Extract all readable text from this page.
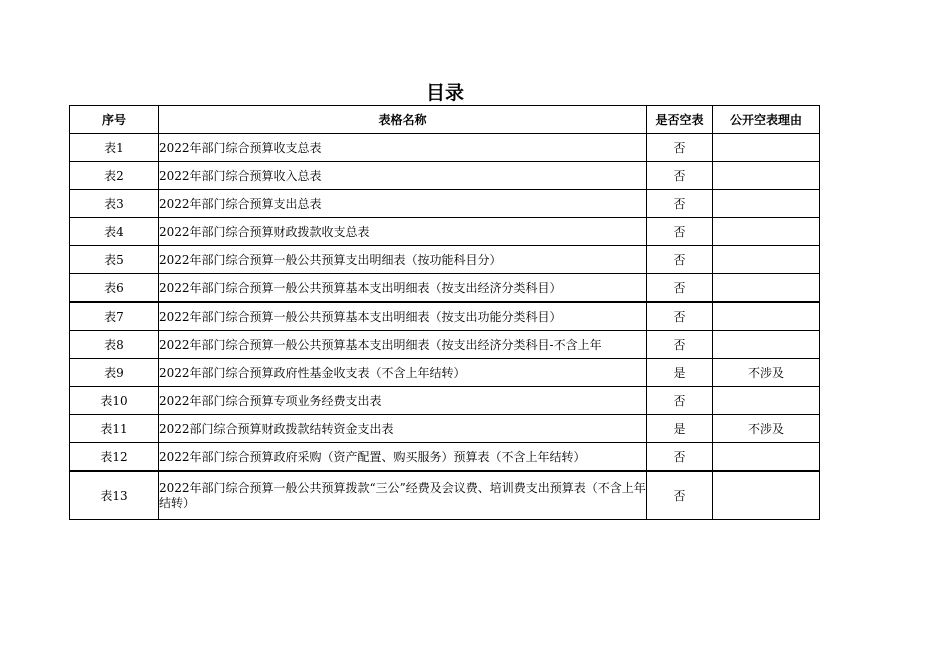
目录
序号	表格名称	是否空表	公开空表理由
表1	2022年部门综合预算收支总表	否	
表2	2022年部门综合预算收入总表	否	
表3	2022年部门综合预算支出总表	否	
表4	2022年部门综合预算财政拨款收支总表	否	
表5	2022年部门综合预算一般公共预算支出明细表（按功能科目分）	否	
表6	2022年部门综合预算一般公共预算基本支出明细表（按支出经济分类科目）	否	
表7	2022年部门综合预算一般公共预算基本支出明细表（按支出功能分类科目）	否	
表8	2022年部门综合预算一般公共预算基本支出明细表（按支出经济分类科目-不含上年	否	
表9	2022年部门综合预算政府性基金收支表（不含上年结转）	是	不涉及
表10	2022年部门综合预算专项业务经费支出表	否	
表11	2022部门综合预算财政拨款结转资金支出表	是	不涉及
表12	2022年部门综合预算政府采购（资产配置、购买服务）预算表（不含上年结转）	否	
表13	2022年部门综合预算一般公共预算拨款“三公”经费及会议费、培训费支出预算表（不含上年结转）	否	
